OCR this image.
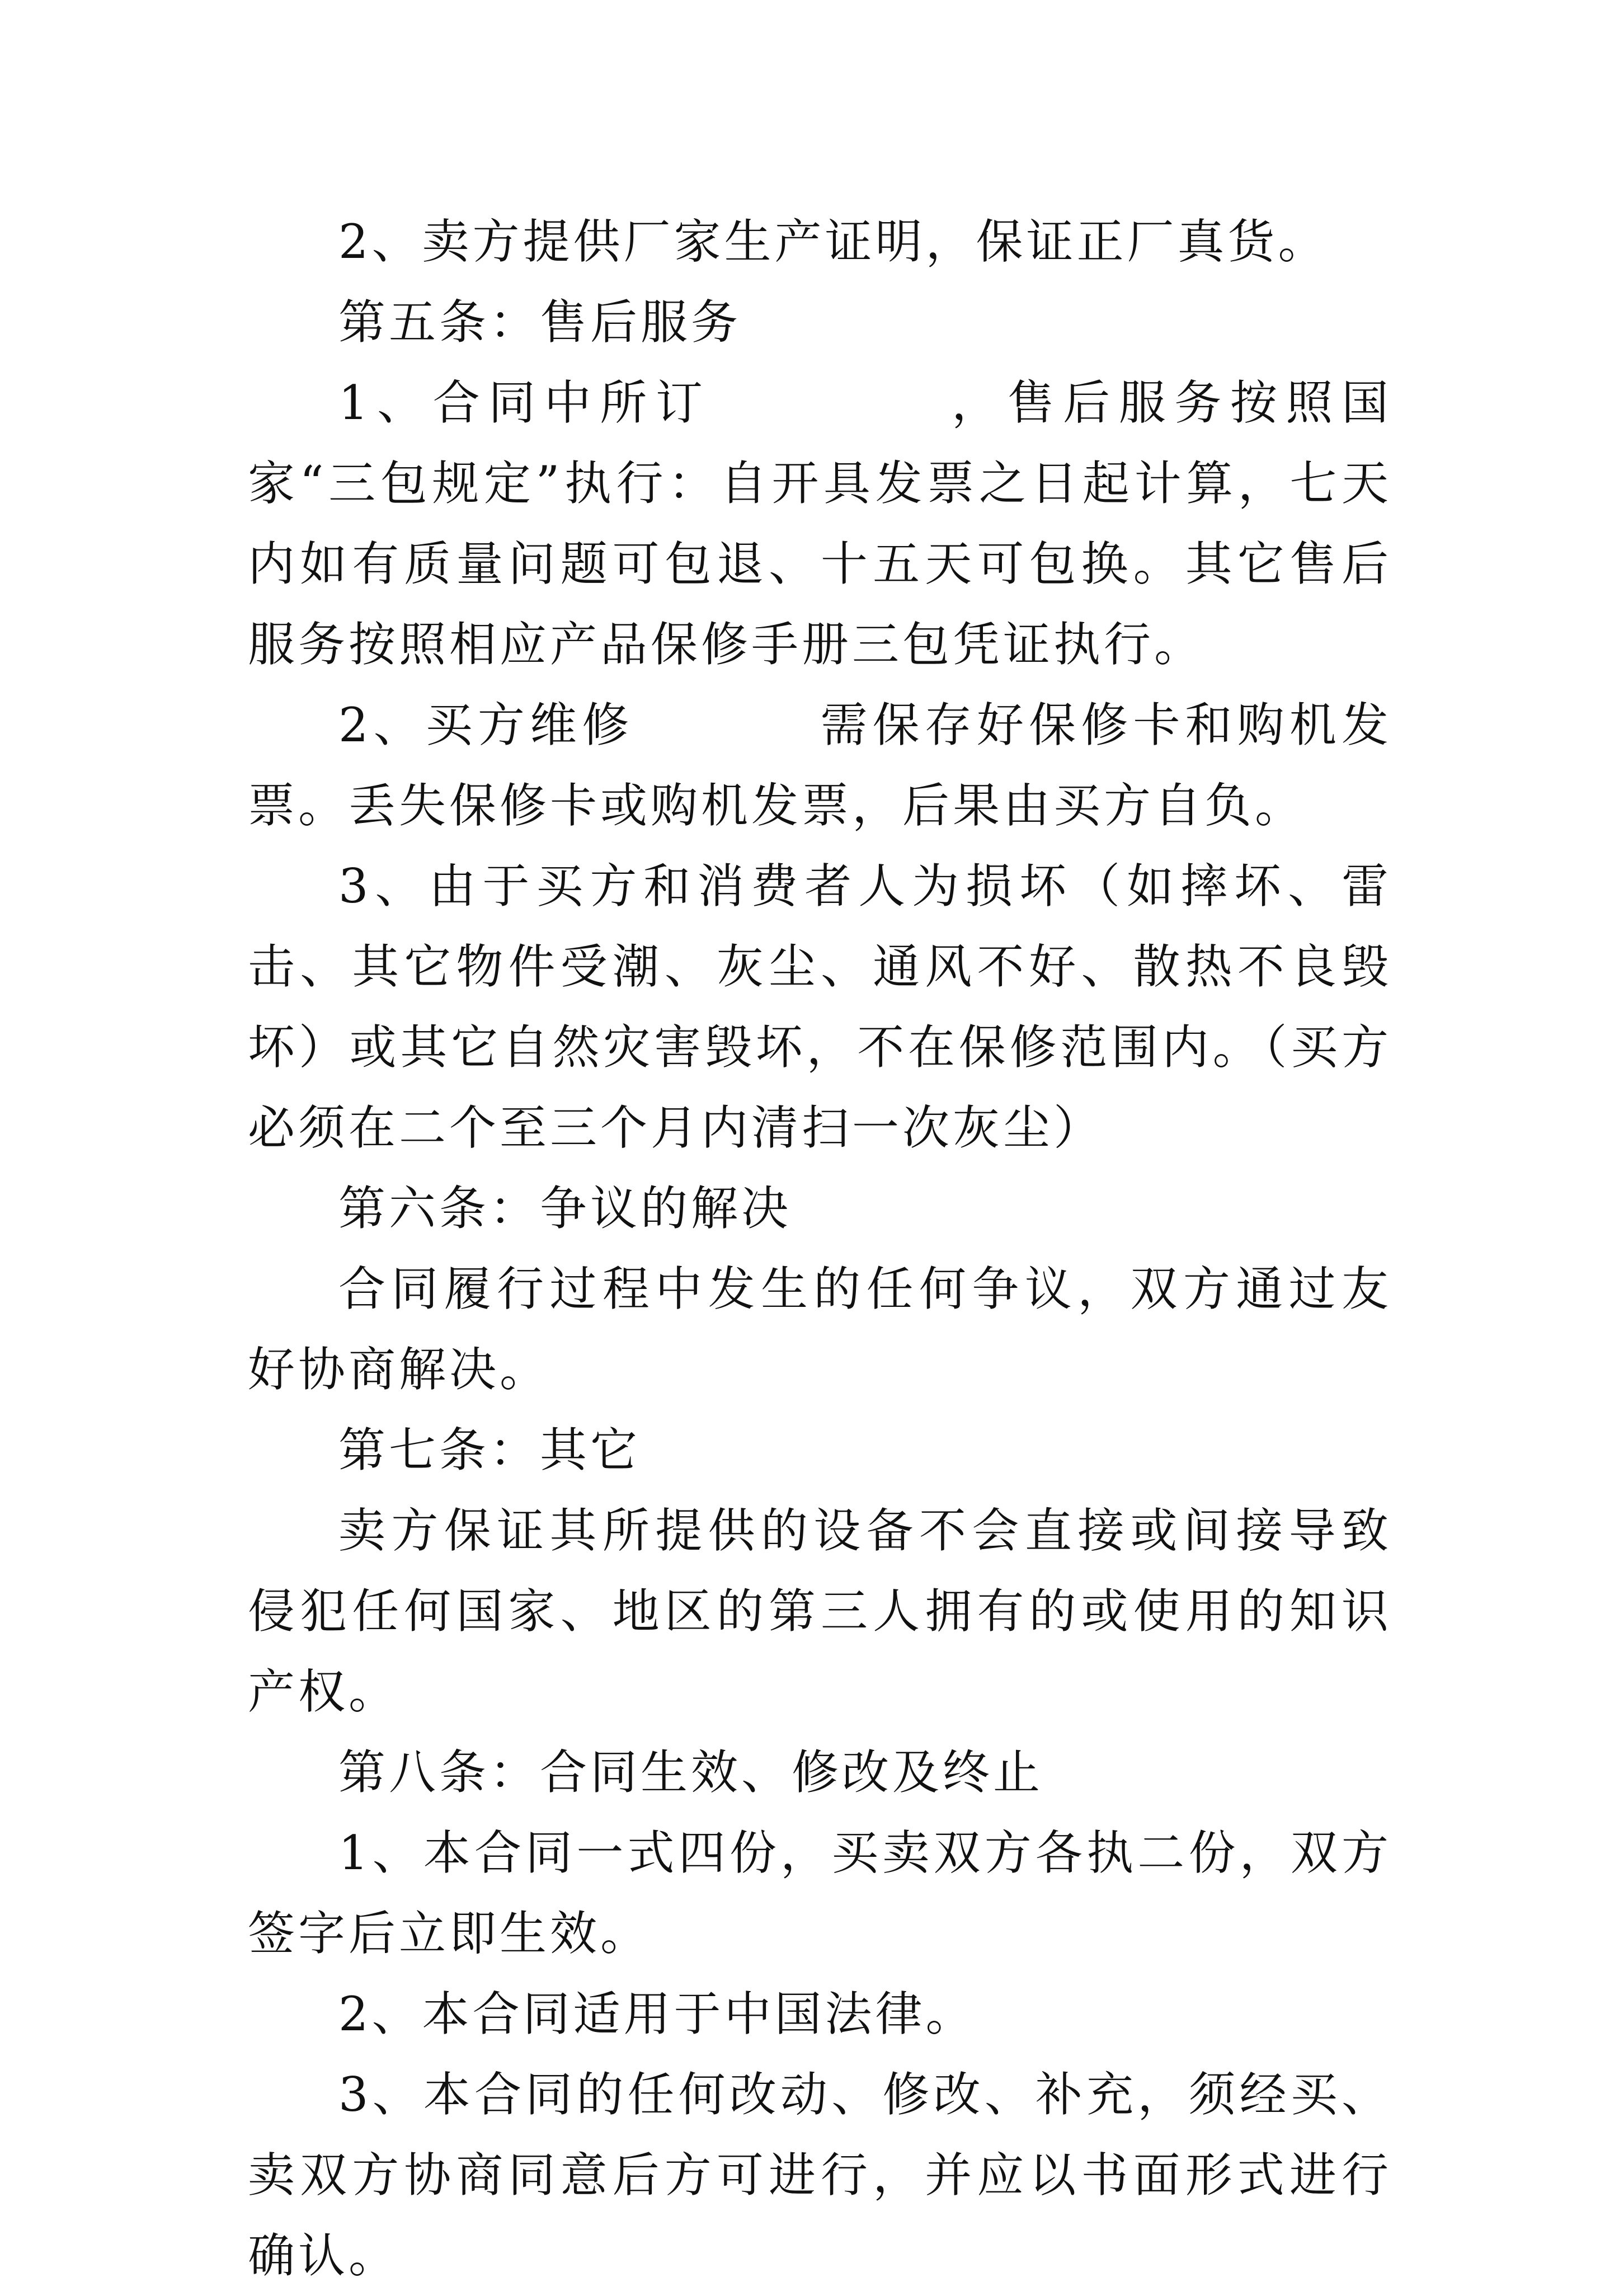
2、卖方提供厂家生产证明，保证正厂真货。

第五条：售后服务

1、合同中所订	，售后服务按照国家“三包规定”执行：自开具发票之日起计算，七天内如有质量问题可包退、十五天可包换。其它售后服务按照相应产品保修手册三包凭证执行。

2、买方维修	需保存好保修卡和购机发票。丢失保修卡或购机发票，后果由买方自负。

3、由于买方和消费者人为损坏（如摔坏、雷击、其它物件受潮、灰尘、通风不好、散热不良毁坏）或其它自然灾害毁坏，不在保修范围内。（买方必须在二个至三个月内清扫一次灰尘）

第六条：争议的解决

合同履行过程中发生的任何争议，双方通过友好协商解决。

第七条：其它

卖方保证其所提供的设备不会直接或间接导致侵犯任何国家、地区的第三人拥有的或使用的知识产权。

第八条：合同生效、修改及终止

1、本合同一式四份，买卖双方各执二份，双方签字后立即生效。

2、本合同适用于中国法律。

3、本合同的任何改动、修改、补充，须经买、卖双方协商同意后方可进行，并应以书面形式进行确认。
